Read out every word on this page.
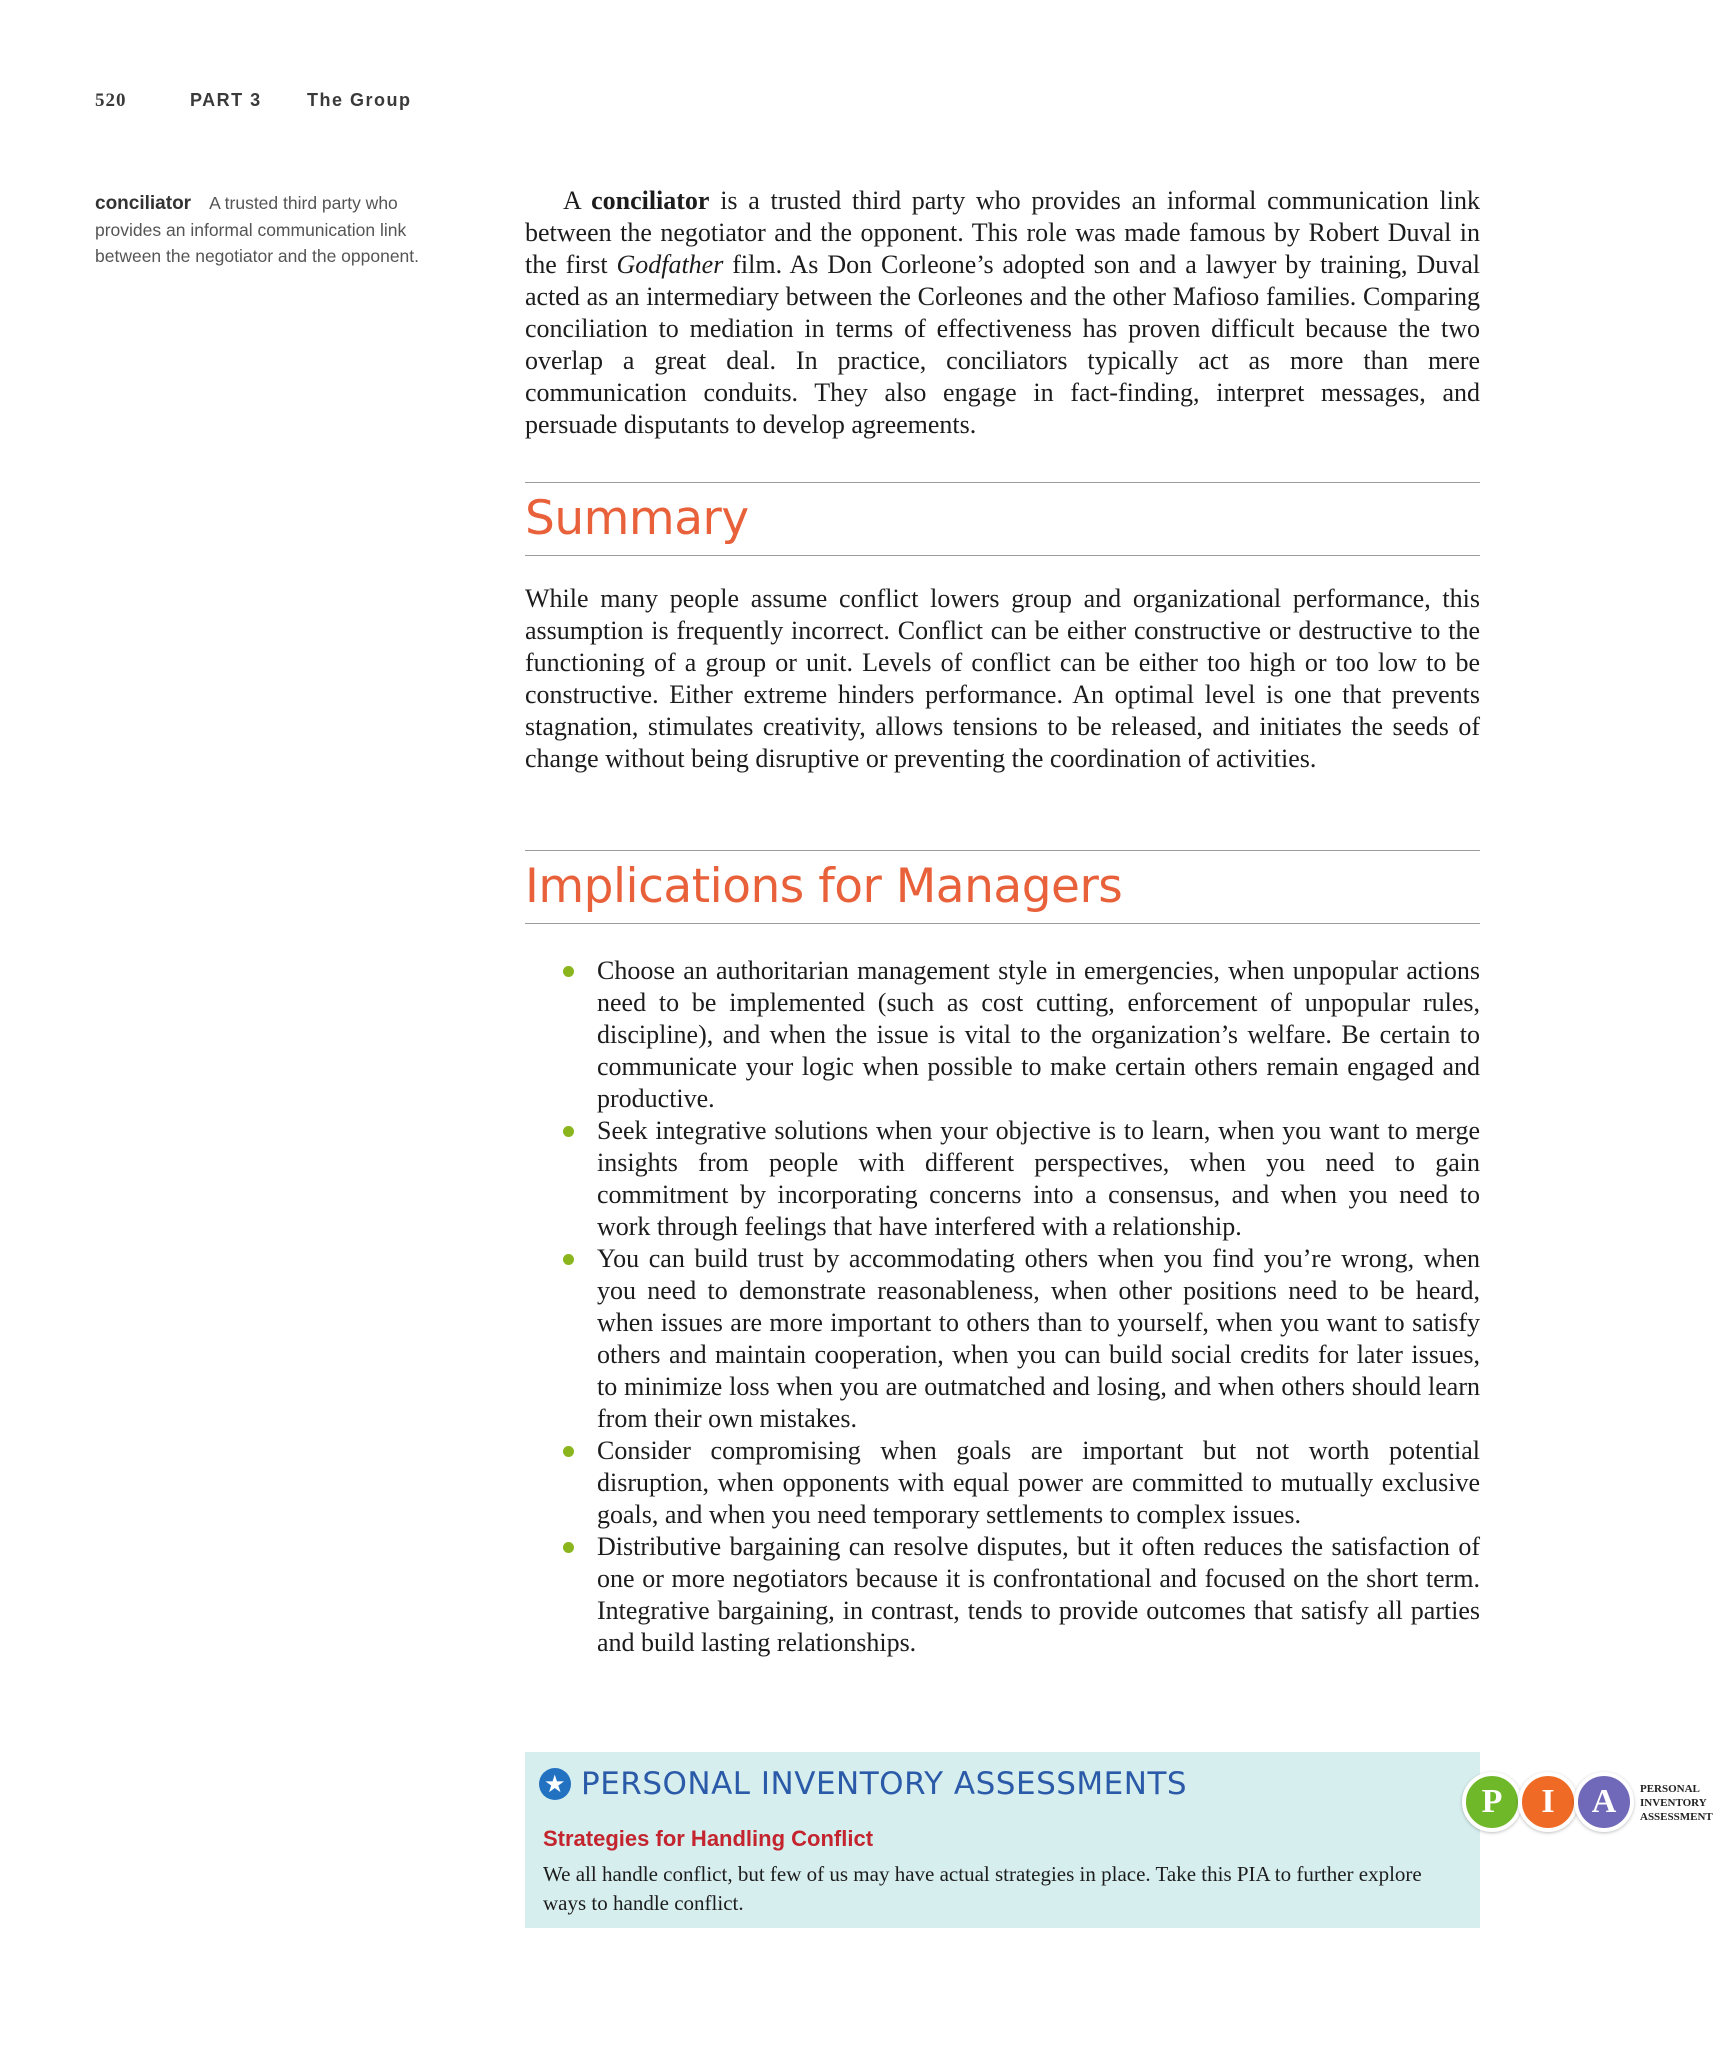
520	PART 3	The Group
conciliator A trusted third party who provides an informal communication link between the negotiator and the opponent.

A conciliator is a trusted third party who provides an informal communication link between the negotiator and the opponent. This role was made famous by Robert Duval in the first Godfather film. As Don Corleone’s adopted son and a lawyer by training, Duval acted as an intermediary between the Corleones and the other Mafioso families. Comparing conciliation to mediation in terms of effectiveness has proven difficult because the two overlap a great deal. In practice, conciliators typically act as more than mere communication conduits. They also engage in fact-finding, interpret messages, and persuade disputants to develop agreements.

Summary

While many people assume conflict lowers group and organizational performance, this assumption is frequently incorrect. Conflict can be either constructive or destructive to the functioning of a group or unit. Levels of conflict can be either too high or too low to be constructive. Either extreme hinders performance. An optimal level is one that prevents stagnation, stimulates creativity, allows tensions to be released, and initiates the seeds of change without being disruptive or preventing the coordination of activities.

Implications for Managers
Choose an authoritarian management style in emergencies, when unpopular actions need to be implemented (such as cost cutting, enforcement of unpopular rules, discipline), and when the issue is vital to the organization’s welfare. Be certain to communicate your logic when possible to make certain others remain engaged and productive.
Seek integrative solutions when your objective is to learn, when you want to merge insights from people with different perspectives, when you need to gain commitment by incorporating concerns into a consensus, and when you need to work through feelings that have interfered with a relationship.
You can build trust by accommodating others when you find you’re wrong, when you need to demonstrate reasonableness, when other positions need to be heard, when issues are more important to others than to yourself, when you want to satisfy others and maintain cooperation, when you can build social credits for later issues, to minimize loss when you are outmatched and losing, and when others should learn from their own mistakes.
Consider compromising when goals are important but not worth potential disruption, when opponents with equal power are committed to mutually exclusive goals, and when you need temporary settlements to complex issues.
Distributive bargaining can resolve disputes, but it often reduces the satisfaction of one or more negotiators because it is confrontational and focused on the short term. Integrative bargaining, in contrast, tends to provide outcomes that satisfy all parties and build lasting relationships.
★ PERSONAL INVENTORY ASSESSMENTS	P	I	A	PERSONAL
INVENTORY
ASSESSMENT
Strategies for Handling Conflict
We all handle conflict, but few of us may have actual strategies in place. Take this PIA to further explore ways to handle conflict.
